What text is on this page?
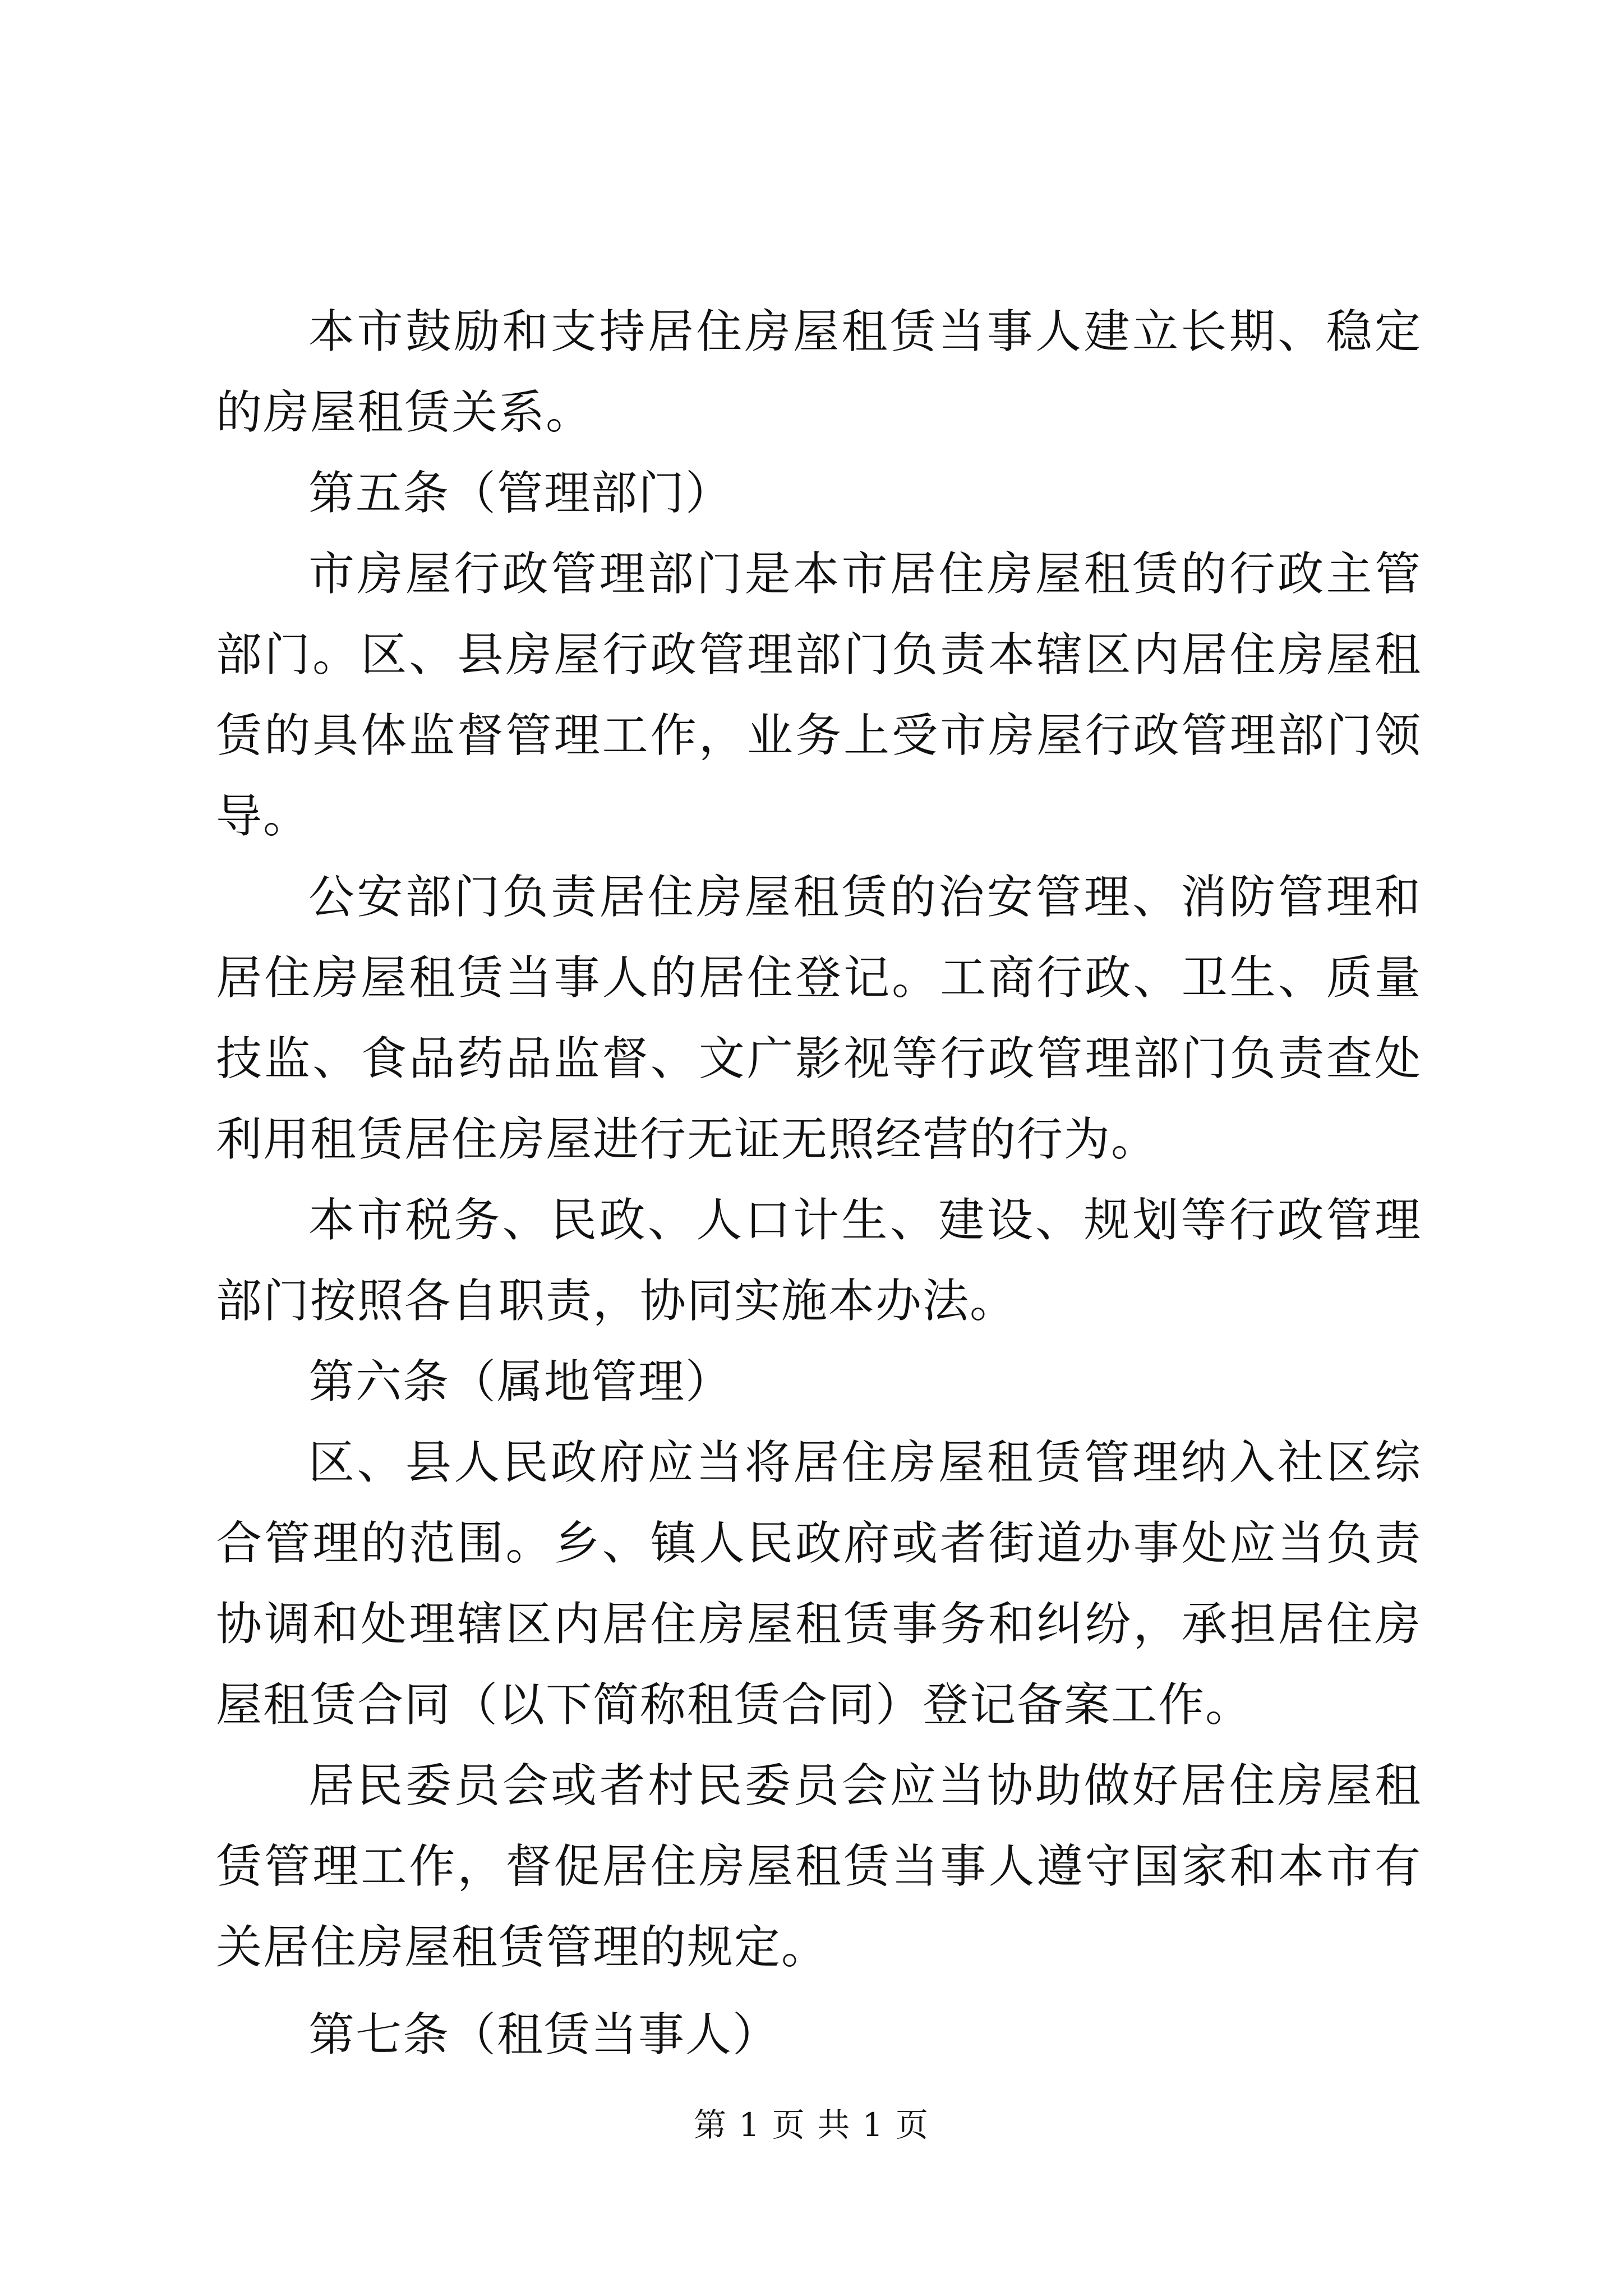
本市鼓励和支持居住房屋租赁当事人建立长期、稳定的房屋租赁关系。

第五条（管理部门）

市房屋行政管理部门是本市居住房屋租赁的行政主管部门。区、县房屋行政管理部门负责本辖区内居住房屋租赁的具体监督管理工作，业务上受市房屋行政管理部门领导。

公安部门负责居住房屋租赁的治安管理、消防管理和居住房屋租赁当事人的居住登记。工商行政、卫生、质量技监、食品药品监督、文广影视等行政管理部门负责查处利用租赁居住房屋进行无证无照经营的行为。

本市税务、民政、人口计生、建设、规划等行政管理部门按照各自职责，协同实施本办法。

第六条（属地管理）

区、县人民政府应当将居住房屋租赁管理纳入社区综合管理的范围。乡、镇人民政府或者街道办事处应当负责协调和处理辖区内居住房屋租赁事务和纠纷，承担居住房屋租赁合同（以下简称租赁合同）登记备案工作。

居民委员会或者村民委员会应当协助做好居住房屋租赁管理工作，督促居住房屋租赁当事人遵守国家和本市有关居住房屋租赁管理的规定。

第七条（租赁当事人）

第 1 页 共 1 页
